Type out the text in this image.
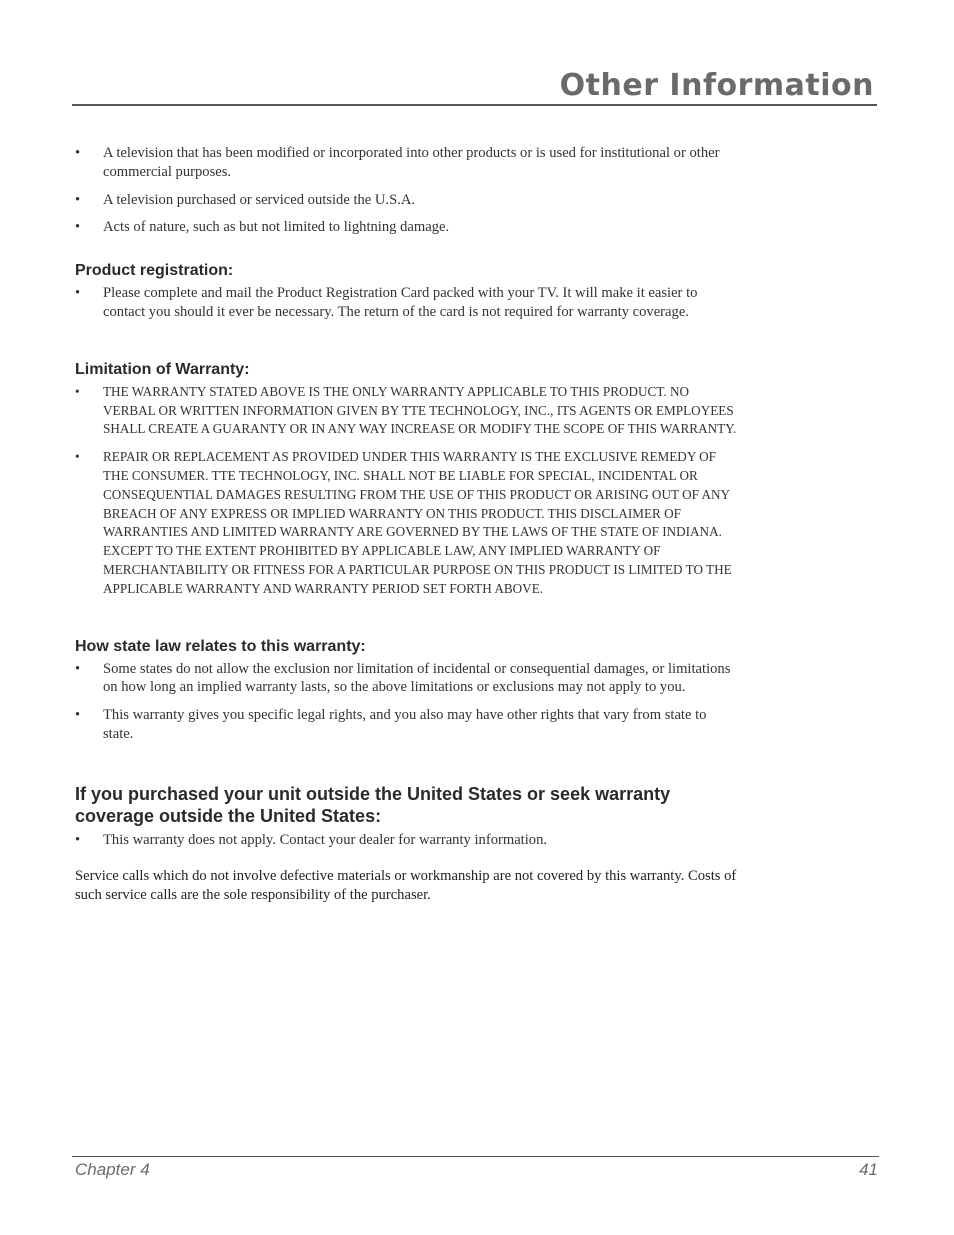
Other Information
• A television that has been modified or incorporated into other products or is used for institutional or other commercial purposes.
• A television purchased or serviced outside the U.S.A.
• Acts of nature, such as but not limited to lightning damage.
Product registration:
• Please complete and mail the Product Registration Card packed with your TV. It will make it easier to contact you should it ever be necessary. The return of the card is not required for warranty coverage.
Limitation of Warranty:
• THE WARRANTY STATED ABOVE IS THE ONLY WARRANTY APPLICABLE TO THIS PRODUCT. NO VERBAL OR WRITTEN INFORMATION GIVEN BY TTE TECHNOLOGY, INC., ITS AGENTS OR EMPLOYEES SHALL CREATE A GUARANTY OR IN ANY WAY INCREASE OR MODIFY THE SCOPE OF THIS WARRANTY.
• REPAIR OR REPLACEMENT AS PROVIDED UNDER THIS WARRANTY IS THE EXCLUSIVE REMEDY OF THE CONSUMER. TTE TECHNOLOGY, INC. SHALL NOT BE LIABLE FOR SPECIAL, INCIDENTAL OR CONSEQUENTIAL DAMAGES RESULTING FROM THE USE OF THIS PRODUCT OR ARISING OUT OF ANY BREACH OF ANY EXPRESS OR IMPLIED WARRANTY ON THIS PRODUCT. THIS DISCLAIMER OF WARRANTIES AND LIMITED WARRANTY ARE GOVERNED BY THE LAWS OF THE STATE OF INDIANA. EXCEPT TO THE EXTENT PROHIBITED BY APPLICABLE LAW, ANY IMPLIED WARRANTY OF MERCHANTABILITY OR FITNESS FOR A PARTICULAR PURPOSE ON THIS PRODUCT IS LIMITED TO THE APPLICABLE WARRANTY AND WARRANTY PERIOD SET FORTH ABOVE.
How state law relates to this warranty:
• Some states do not allow the exclusion nor limitation of incidental or consequential damages, or limitations on how long an implied warranty lasts, so the above limitations or exclusions may not apply to you.
• This warranty gives you specific legal rights, and you also may have other rights that vary from state to state.
If you purchased your unit outside the United States or seek warranty coverage outside the United States:
• This warranty does not apply. Contact your dealer for warranty information.

Service calls which do not involve defective materials or workmanship are not covered by this warranty. Costs of such service calls are the sole responsibility of the purchaser.

Chapter 4	41
